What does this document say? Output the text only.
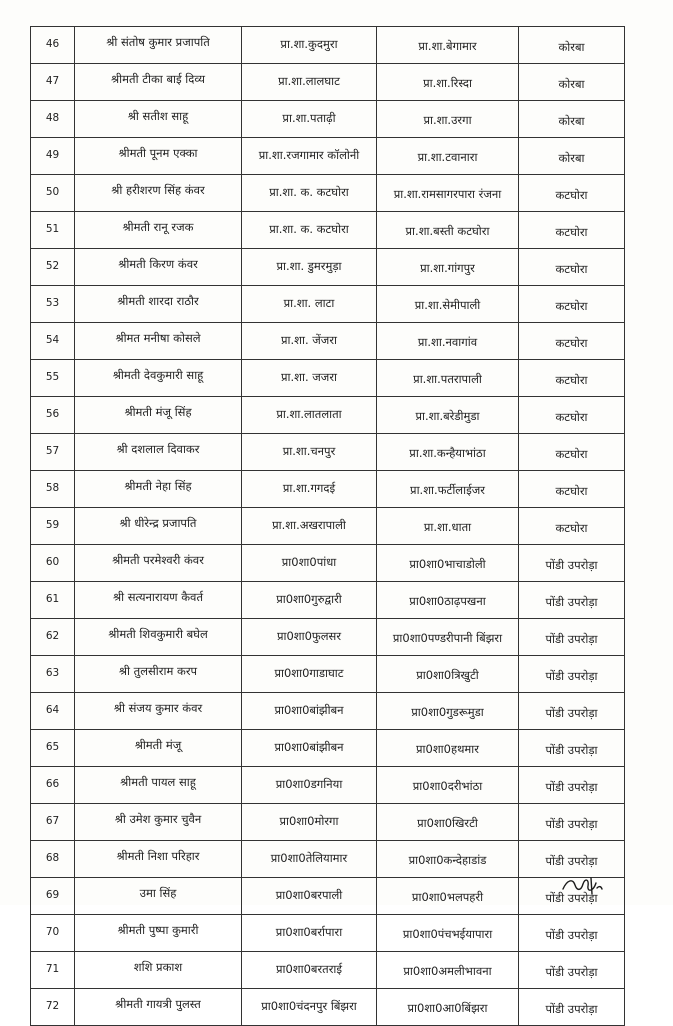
46	श्री संतोष कुमार प्रजापति	प्रा.शा.कुदमुरा	प्रा.शा.बेगामार	कोरबा
47	श्रीमती टीका बाई दिव्य	प्रा.शा.लालघाट	प्रा.शा.रिस्दा	कोरबा
48	श्री सतीश साहू	प्रा.शा.पताढ़ी	प्रा.शा.उरगा	कोरबा
49	श्रीमती पूनम एक्का	प्रा.शा.रजगामार कॉलोनी	प्रा.शा.टवानारा	कोरबा
50	श्री हरीशरण सिंह कंवर	प्रा.शा. क. कटघोरा	प्रा.शा.रामसागरपारा रंजना	कटघोरा
51	श्रीमती रानू रजक	प्रा.शा. क. कटघोरा	प्रा.शा.बस्ती कटघोरा	कटघोरा
52	श्रीमती किरण कंवर	प्रा.शा. डुमरमुड़ा	प्रा.शा.गांगपुर	कटघोरा
53	श्रीमती शारदा राठौर	प्रा.शा. लाटा	प्रा.शा.सेमीपाली	कटघोरा
54	श्रीमत मनीषा कोसले	प्रा.शा. जेंजरा	प्रा.शा.नवागांव	कटघोरा
55	श्रीमती देवकुमारी साहू	प्रा.शा. जजरा	प्रा.शा.पतरापाली	कटघोरा
56	श्रीमती मंजू सिंह	प्रा.शा.लातलाता	प्रा.शा.बरेडीमुडा	कटघोरा
57	श्री दशलाल दिवाकर	प्रा.शा.चनपुर	प्रा.शा.कन्हैयाभांठा	कटघोरा
58	श्रीमती नेहा सिंह	प्रा.शा.गगदई	प्रा.शा.फर्टीलाईजर	कटघोरा
59	श्री धीरेन्द्र प्रजापति	प्रा.शा.अखरापाली	प्रा.शा.धाता	कटघोरा
60	श्रीमती परमेश्वरी कंवर	प्रा0शा0पांधा	प्रा0शा0भाचाडोली	पोंडी उपरोड़ा
61	श्री सत्यनारायण कैवर्त	प्रा0शा0गुरुद्वारी	प्रा0शा0ठाढ़पखना	पोंडी उपरोड़ा
62	श्रीमती शिवकुमारी बघेल	प्रा0शा0फुलसर	प्रा0शा0पण्डरीपानी बिंझरा	पोंडी उपरोड़ा
63	श्री तुलसीराम करप	प्रा0शा0गाडाघाट	प्रा0शा0त्रिखुटी	पोंडी उपरोड़ा
64	श्री संजय कुमार कंवर	प्रा0शा0बांझीबन	प्रा0शा0गुडरूमुडा	पोंडी उपरोड़ा
65	श्रीमती मंजू	प्रा0शा0बांझीबन	प्रा0शा0हथमार	पोंडी उपरोड़ा
66	श्रीमती पायल साहू	प्रा0शा0डगनिया	प्रा0शा0दरीभांठा	पोंडी उपरोड़ा
67	श्री उमेश कुमार चुवैन	प्रा0शा0मोरगा	प्रा0शा0खिरटी	पोंडी उपरोड़ा
68	श्रीमती निशा परिहार	प्रा0शा0तेलियामार	प्रा0शा0कन्देहाडांड	पोंडी उपरोड़ा
69	उमा सिंह	प्रा0शा0बरपाली	प्रा0शा0भलपहरी	पोंडी उपरोड़ा
70	श्रीमती पुष्पा कुमारी	प्रा0शा0बर्रापारा	प्रा0शा0पंचभईयापारा	पोंडी उपरोड़ा
71	शशि प्रकाश	प्रा0शा0बरतराई	प्रा0शा0अमलीभावना	पोंडी उपरोड़ा
72	श्रीमती गायत्री पुलस्त	प्रा0शा0चंदनपुर बिंझरा	प्रा0शा0आ0बिंझरा	पोंडी उपरोड़ा
